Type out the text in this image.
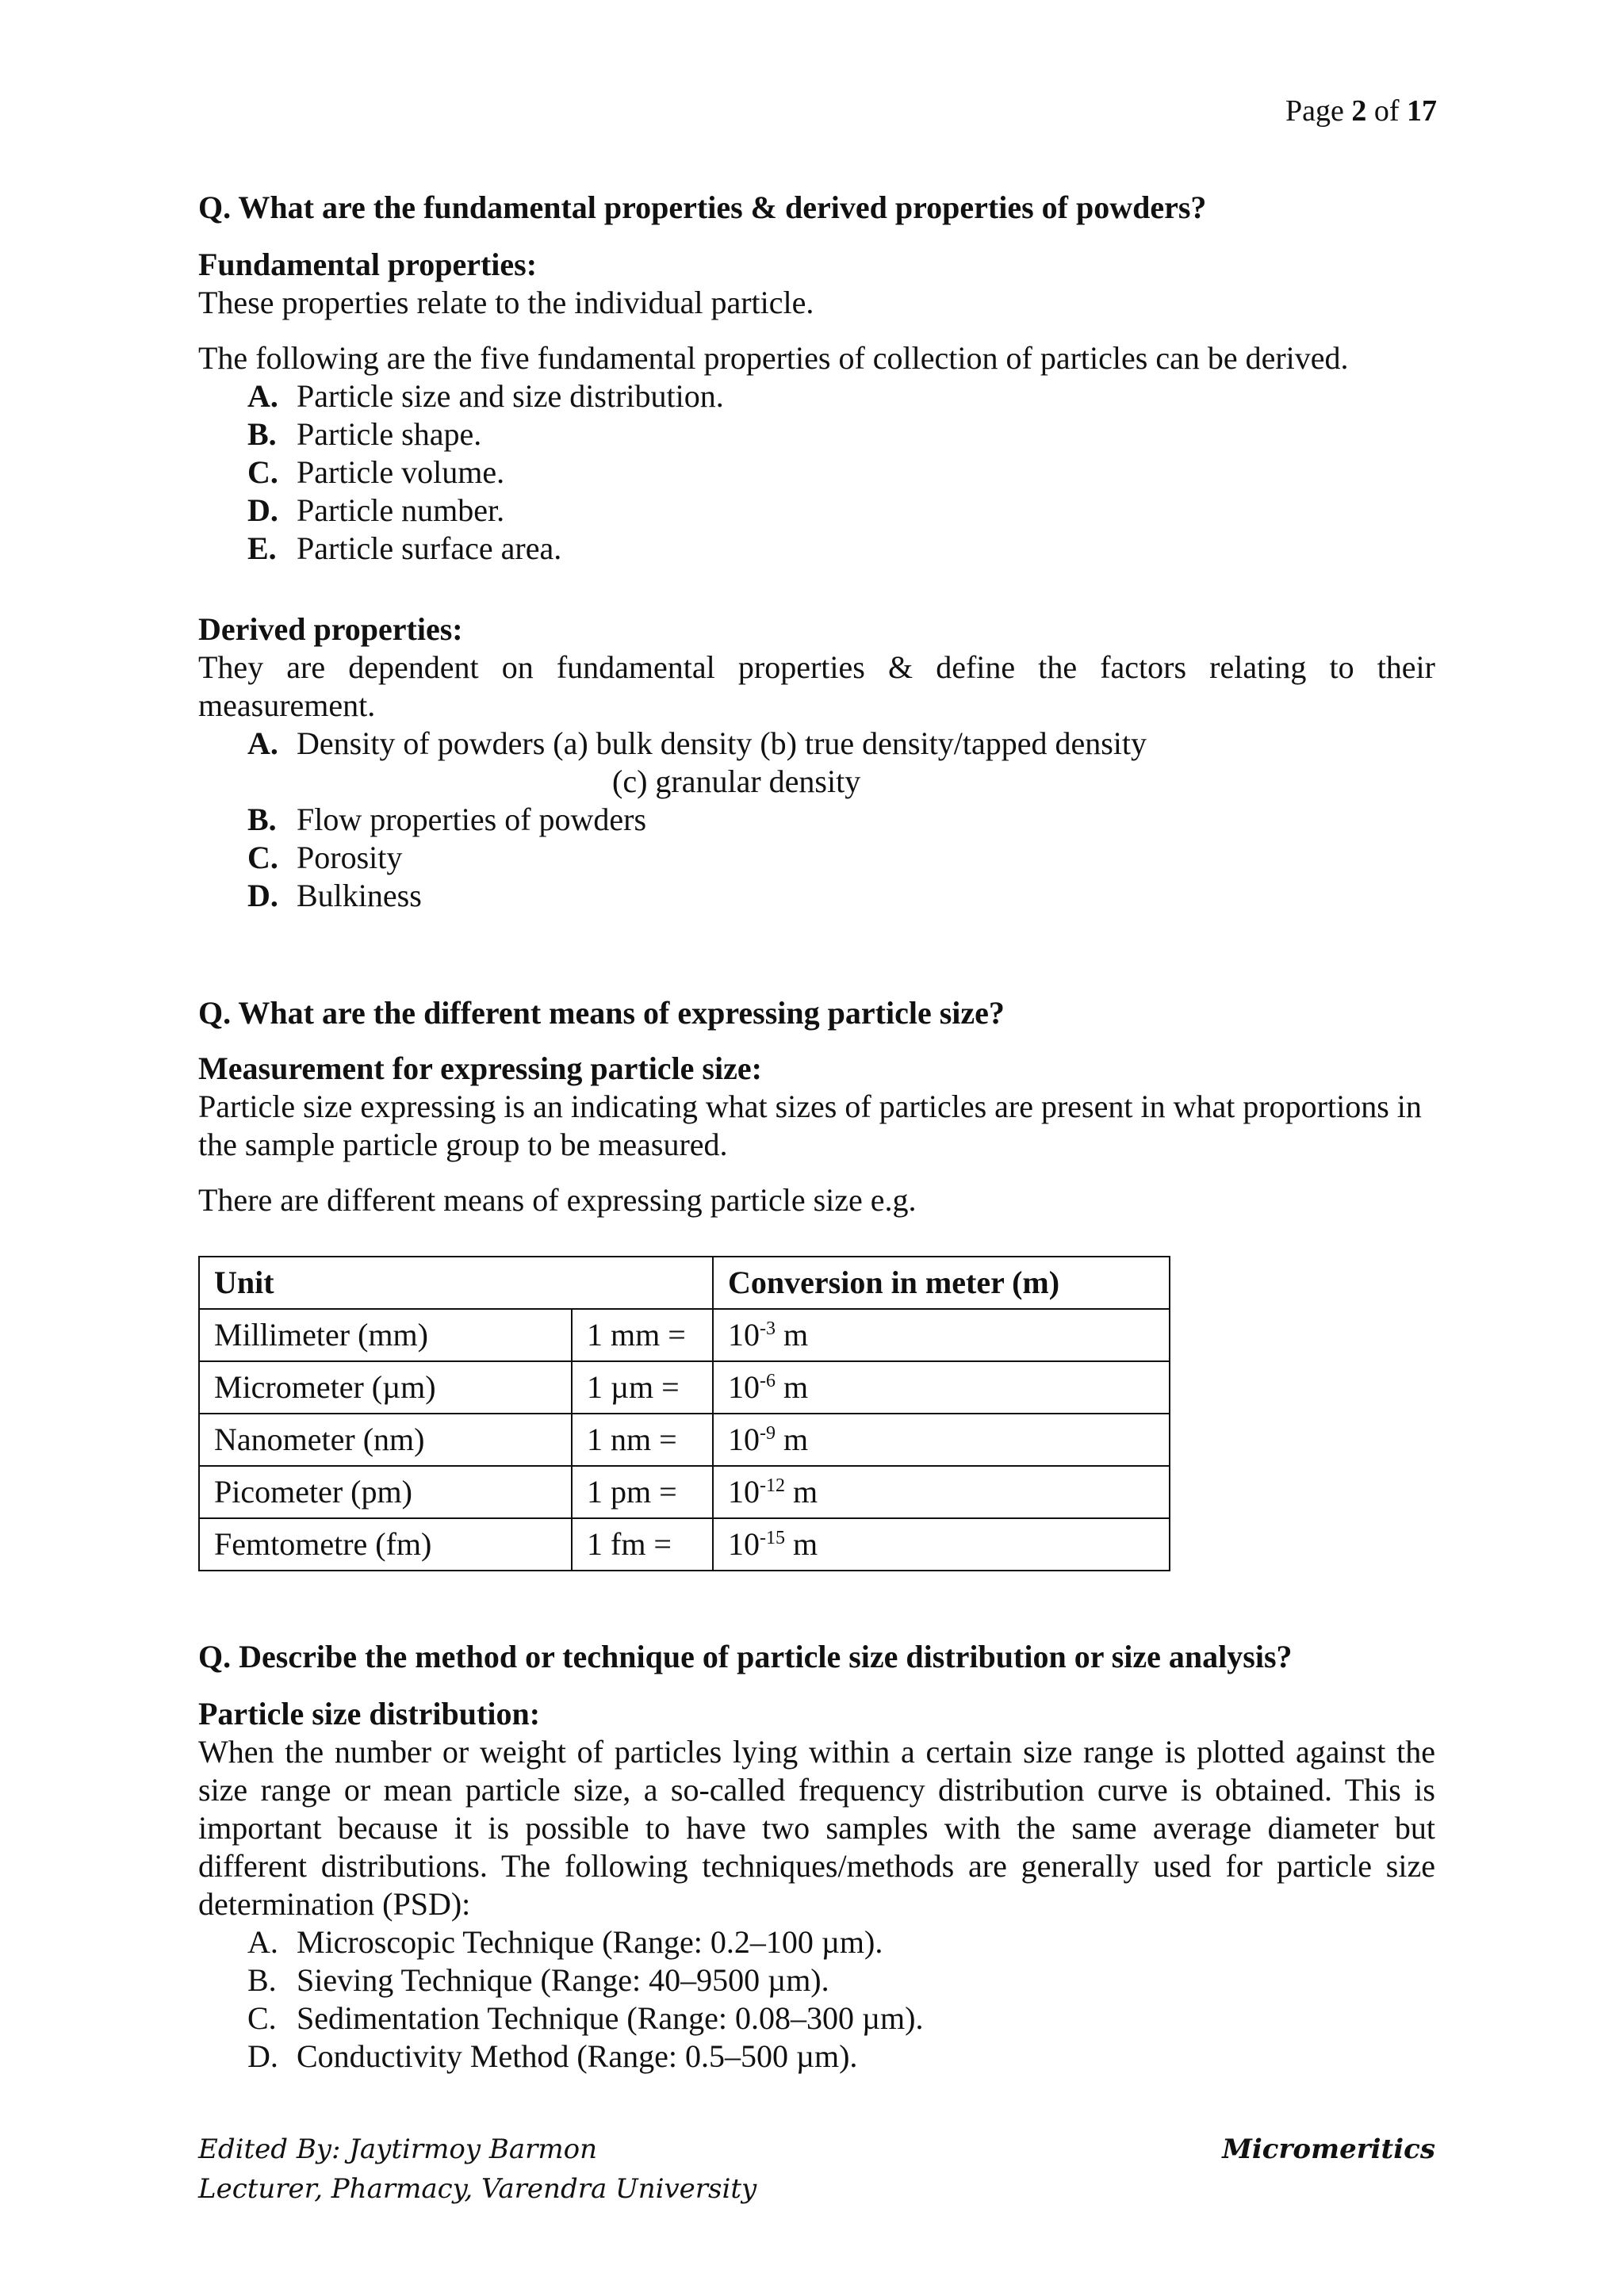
Page 2 of 17

Q. What are the fundamental properties & derived properties of powders?

Fundamental properties:

These properties relate to the individual particle.

The following are the five fundamental properties of collection of particles can be derived.

A. Particle size and size distribution.
B. Particle shape.
C. Particle volume.
D. Particle number.
E. Particle surface area.

Derived properties:

They are dependent on fundamental properties & define the factors relating to their measurement.

A. Density of powders (a) bulk density (b) true density/tapped density
(c) granular density
B. Flow properties of powders
C. Porosity
D. Bulkiness

Q. What are the different means of expressing particle size?

Measurement for expressing particle size:

Particle size expressing is an indicating what sizes of particles are present in what proportions in the sample particle group to be measured.

There are different means of expressing particle size e.g.

Unit		Conversion in meter (m)
Millimeter (mm)	1 mm =	$10^{-3}$ m
Micrometer (µm)	1 µm =	$10^{-6}$ m
Nanometer (nm)	1 nm =	$10^{-9}$ m
Picometer (pm)	1 pm =	$10^{-12}$ m
Femtometre (fm)	1 fm =	$10^{-15}$ m

Q. Describe the method or technique of particle size distribution or size analysis?

Particle size distribution:

When the number or weight of particles lying within a certain size range is plotted against the size range or mean particle size, a so-called frequency distribution curve is obtained. This is important because it is possible to have two samples with the same average diameter but different distributions. The following techniques/methods are generally used for particle size determination (PSD):

A. Microscopic Technique (Range: 0.2–100 µm).
B. Sieving Technique (Range: 40–9500 µm).
C. Sedimentation Technique (Range: 0.08–300 µm).
D. Conductivity Method (Range: 0.5–500 µm).
Edited By: Jaytirmoy Barmon
Lecturer, Pharmacy, Varendra University
Micromeritics
